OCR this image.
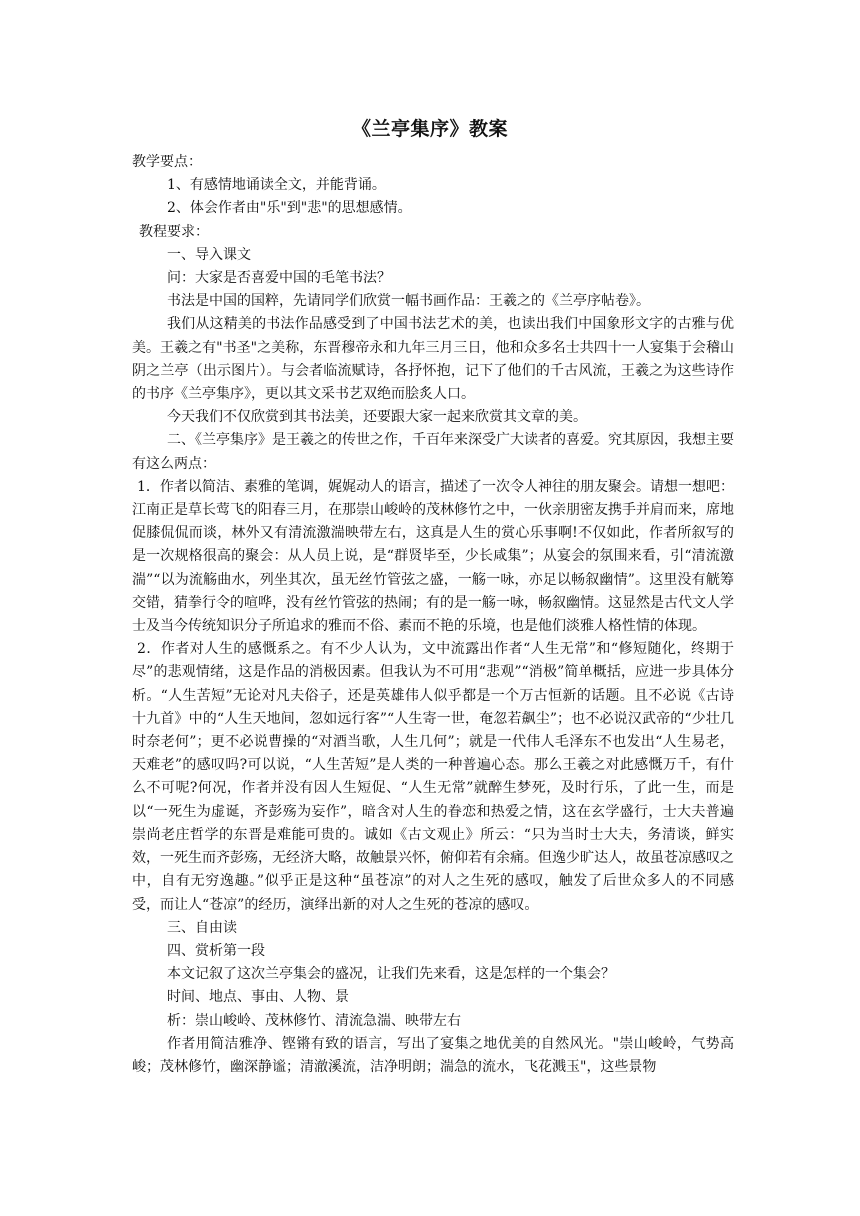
《兰亭集序》教案

教学要点：

1、有感情地诵读全文，并能背诵。

2、体会作者由"乐"到"悲"的思想感情。

教程要求：

一、导入课文

问：大家是否喜爱中国的毛笔书法？

书法是中国的国粹，先请同学们欣赏一幅书画作品：王羲之的《兰亭序帖卷》。

我们从这精美的书法作品感受到了中国书法艺术的美，也读出我们中国象形文字的古雅与优美。王羲之有"书圣"之美称，东晋穆帝永和九年三月三日，他和众多名士共四十一人宴集于会稽山阴之兰亭（出示图片）。与会者临流赋诗，各抒怀抱，记下了他们的千古风流，王羲之为这些诗作的书序《兰亭集序》，更以其文采书艺双绝而脍炙人口。

今天我们不仅欣赏到其书法美，还要跟大家一起来欣赏其文章的美。

二、《兰亭集序》是王羲之的传世之作，千百年来深受广大读者的喜爱。究其原因，我想主要有这么两点：

1．作者以简洁、素雅的笔调，娓娓动人的语言，描述了一次令人神往的朋友聚会。请想一想吧：江南正是草长莺飞的阳春三月，在那崇山峻岭的茂林修竹之中，一伙亲朋密友携手并肩而来，席地促膝侃侃而谈，林外又有清流激湍映带左右，这真是人生的赏心乐事啊!不仅如此，作者所叙写的是一次规格很高的聚会：从人员上说，是“群贤毕至，少长咸集”；从宴会的氛围来看，引“清流激湍”“以为流觞曲水，列坐其次，虽无丝竹管弦之盛，一觞一咏，亦足以畅叙幽情”。这里没有觥筹交错，猜拳行令的喧哗，没有丝竹管弦的热闹；有的是一觞一咏，畅叙幽情。这显然是古代文人学士及当今传统知识分子所追求的雅而不俗、素而不艳的乐境，也是他们淡雅人格性情的体现。

2．作者对人生的感慨系之。有不少人认为，文中流露出作者“人生无常”和“修短随化，终期于尽”的悲观情绪，这是作品的消极因素。但我认为不可用“悲观”“消极”简单概括，应进一步具体分析。“人生苦短”无论对凡夫俗子，还是英雄伟人似乎都是一个万古恒新的话题。且不必说《古诗十九首》中的“人生天地间，忽如远行客”“人生寄一世，奄忽若飙尘”；也不必说汉武帝的“少壮几时奈老何”；更不必说曹操的“对酒当歌，人生几何”；就是一代伟人毛泽东不也发出“人生易老，天难老”的感叹吗?可以说，“人生苦短”是人类的一种普遍心态。那么王羲之对此感慨万千，有什么不可呢?何况，作者并没有因人生短促、“人生无常”就醉生梦死，及时行乐，了此一生，而是以“一死生为虚诞，齐彭殇为妄作”，暗含对人生的眷恋和热爱之情，这在玄学盛行，士大夫普遍崇尚老庄哲学的东晋是难能可贵的。诚如《古文观止》所云：“只为当时士大夫，务清谈，鲜实效，一死生而齐彭殇，无经济大略，故触景兴怀，俯仰若有余痛。但逸少旷达人，故虽苍凉感叹之中，自有无穷逸趣。”似乎正是这种“虽苍凉”的对人之生死的感叹，触发了后世众多人的不同感受，而让人“苍凉”的经历，演绎出新的对人之生死的苍凉的感叹。

三、自由读

四、赏析第一段

本文记叙了这次兰亭集会的盛况，让我们先来看，这是怎样的一个集会？

时间、地点、事由、人物、景

析：崇山峻岭、茂林修竹、清流急湍、映带左右

作者用简洁雅净、铿锵有致的语言，写出了宴集之地优美的自然风光。"崇山峻岭，气势高峻；茂林修竹，幽深静谧；清澈溪流，洁净明朗；湍急的流水，飞花溅玉"，这些景物
